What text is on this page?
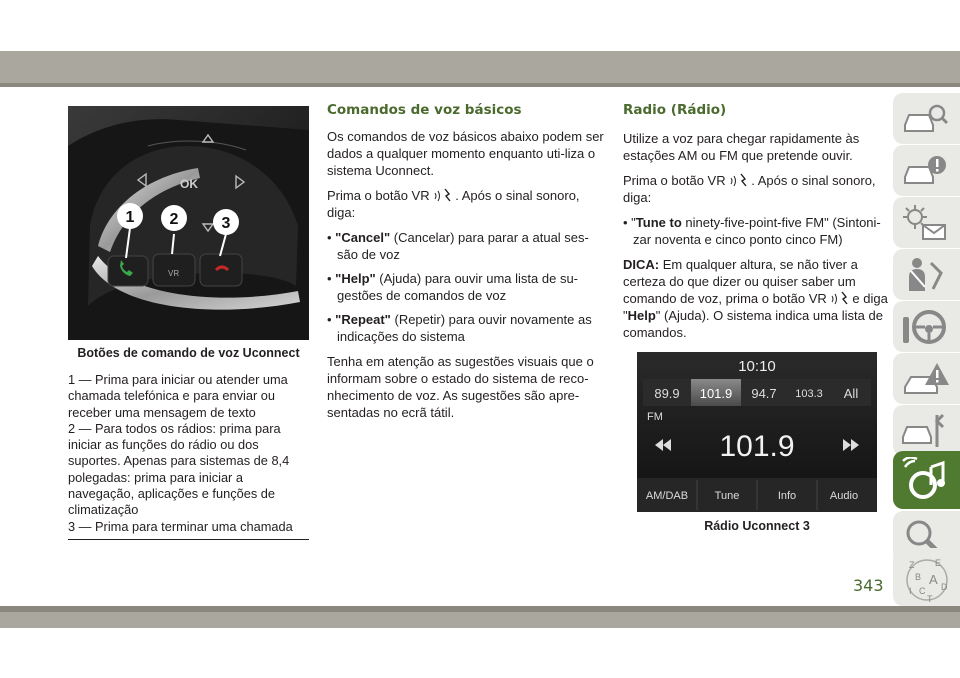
OK
VR
1 2	3
Botões de comando de voz Uconnect

1 — Prima para iniciar ou atender uma chamada telefónica e para enviar ou receber uma mensagem de texto

2 — Para todos os rádios: prima para iniciar as funções do rádio ou dos suportes. Apenas para sistemas de 8,4 polegadas: prima para iniciar a navegação, aplicações e funções de climatização

3 — Prima para terminar uma chamada

Comandos de voz básicos

Os comandos de voz básicos abaixo podem ser dados a qualquer momento enquanto uti-liza o sistema Uconnect.

Prima o botão VR . Após o sinal sonoro, diga:

• "Cancel" (Cancelar) para parar a atual ses-são de voz

• "Help" (Ajuda) para ouvir uma lista de su-gestões de comandos de voz

• "Repeat" (Repetir) para ouvir novamente as indicações do sistema

Tenha em atenção as sugestões visuais que o informam sobre o estado do sistema de reco-nhecimento de voz. As sugestões são apre-sentadas no ecrã tátil.

Radio (Rádio)

Utilize a voz para chegar rapidamente às estações AM ou FM que pretende ouvir.

Prima o botão VR . Após o sinal sonoro, diga:

• "Tune to ninety-five-point-five FM" (Sintoni-zar noventa e cinco ponto cinco FM)

DICA: Em qualquer altura, se não tiver a certeza do que dizer ou quiser saber um comando de voz, prima o botão VR e diga "Help" (Ajuda). O sistema indica uma lista de comandos.

10:10
89.9 101.9 94.7 103.3 All
FM
101.9
AM/DAB Tune	Info	Audio
Rádio Uconnect 3
Z E
B A
I C D
T
343
